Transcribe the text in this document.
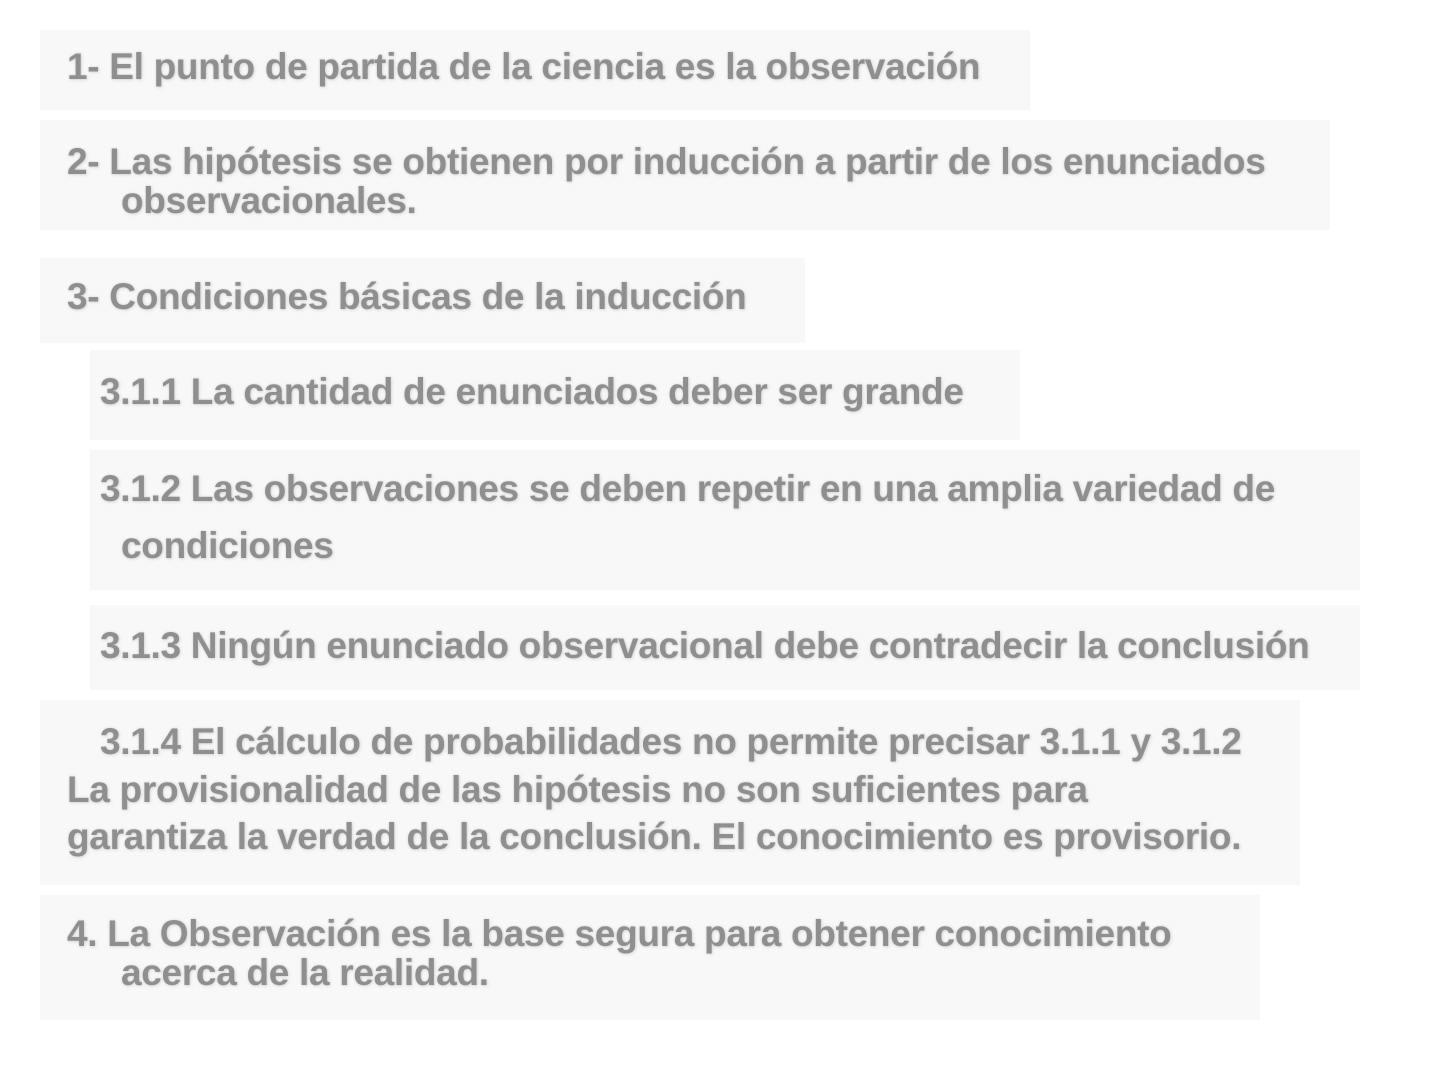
1- El punto de partida de la ciencia es la observación
2- Las hipótesis se obtienen por inducción a partir de los enunciados
observacionales.
3- Condiciones básicas de la inducción
3.1.1 La cantidad de enunciados deber ser grande
3.1.2 Las observaciones se deben repetir en una amplia variedad de
condiciones
3.1.3 Ningún enunciado observacional debe contradecir la conclusión
3.1.4 El cálculo de probabilidades no permite precisar 3.1.1 y 3.1.2
La provisionalidad de las hipótesis no son suficientes para
garantiza la verdad de la conclusión. El conocimiento es provisorio.
4. La Observación es la base segura para obtener conocimiento
acerca de la realidad.
